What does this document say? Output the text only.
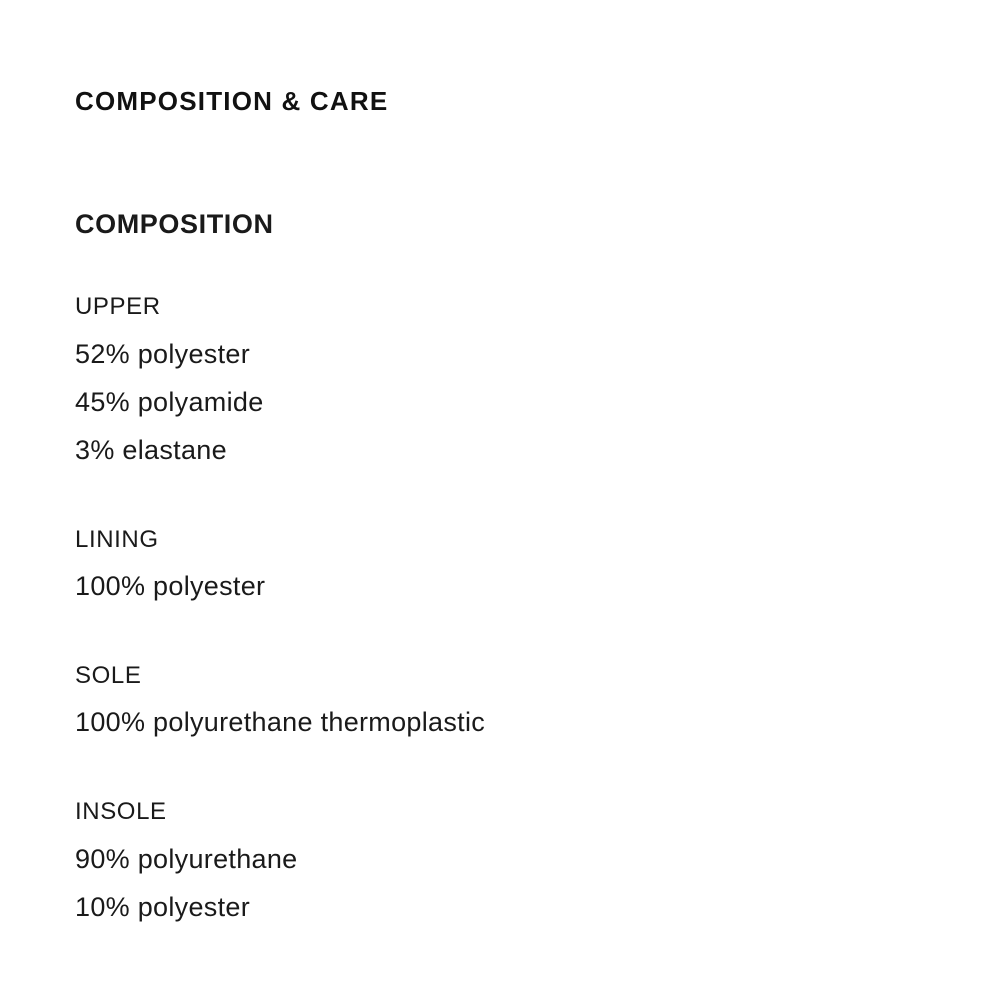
COMPOSITION & CARE
COMPOSITION
UPPER
52% polyester
45% polyamide
3% elastane
LINING
100% polyester
SOLE
100% polyurethane thermoplastic
INSOLE
90% polyurethane
10% polyester
